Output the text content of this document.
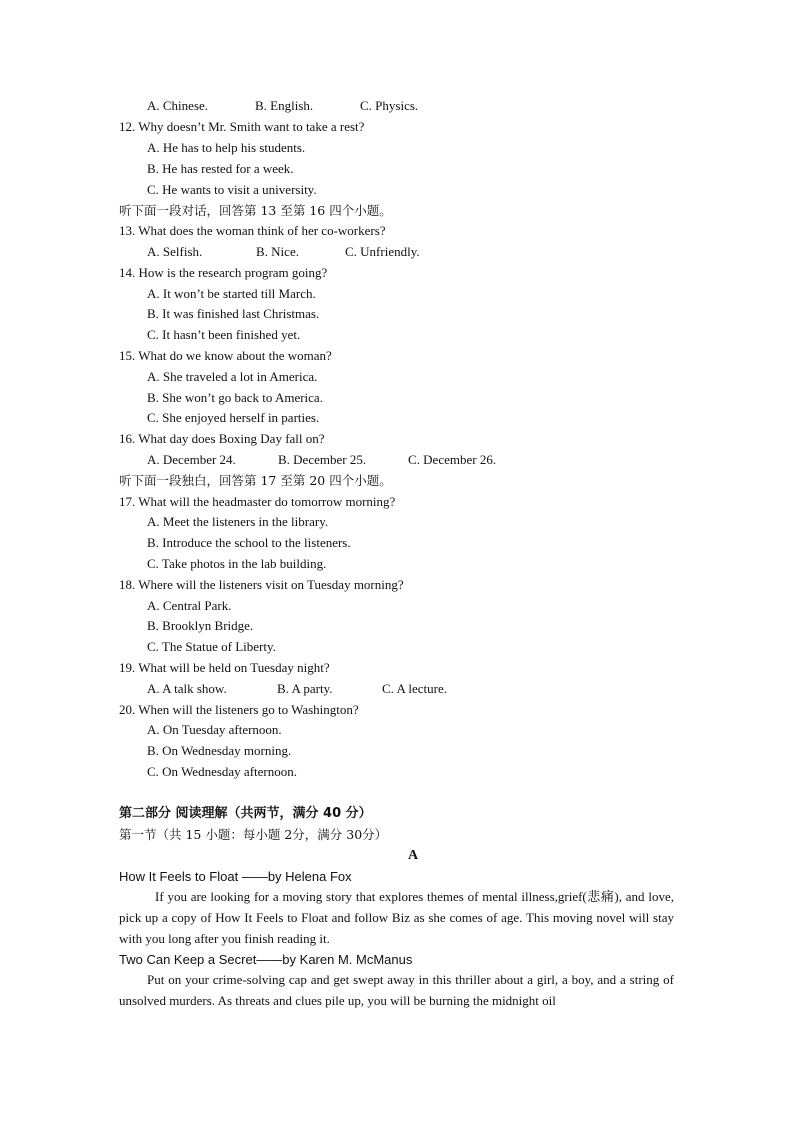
A. Chinese.	B. English.	C. Physics.
12. Why doesn’t Mr. Smith want to take a rest?
A. He has to help his students.
B. He has rested for a week.
C. He wants to visit a university.
听下面一段对话，回答第 13 至第 16 四个小题。
13. What does the woman think of her co-workers?
A. Selfish.	B. Nice.	C. Unfriendly.
14. How is the research program going?
A. It won’t be started till March.
B. It was finished last Christmas.
C. It hasn’t been finished yet.
15. What do we know about the woman?
A. She traveled a lot in America.
B. She won’t go back to America.
C. She enjoyed herself in parties.
16. What day does Boxing Day fall on?
A. December 24.	B. December 25.	C. December 26.
听下面一段独白，回答第 17 至第 20 四个小题。
17. What will the headmaster do tomorrow morning?
A. Meet the listeners in the library.
B. Introduce the school to the listeners.
C. Take photos in the lab building.
18. Where will the listeners visit on Tuesday morning?
A. Central Park.
B. Brooklyn Bridge.
C. The Statue of Liberty.
19. What will be held on Tuesday night?
A. A talk show.	B. A party.	C. A lecture.
20. When will the listeners go to Washington?
A. On Tuesday afternoon.
B. On Wednesday morning.
C. On Wednesday afternoon.
第二部分 阅读理解（共两节，满分 40 分）
第一节（共 15 小题：每小题 2分，满分 30分）
A
How It Feels to Float ——by Helena Fox
If you are looking for a moving story that explores themes of mental illness,grief(悲痛), and love, pick up a copy of How It Feels to Float and follow Biz as she comes of age. This moving novel will stay with you long after you finish reading it.
Two Can Keep a Secret——by Karen M. McManus
Put on your crime-solving cap and get swept away in this thriller about a girl, a boy, and a string of unsolved murders. As threats and clues pile up, you will be burning the midnight oil
